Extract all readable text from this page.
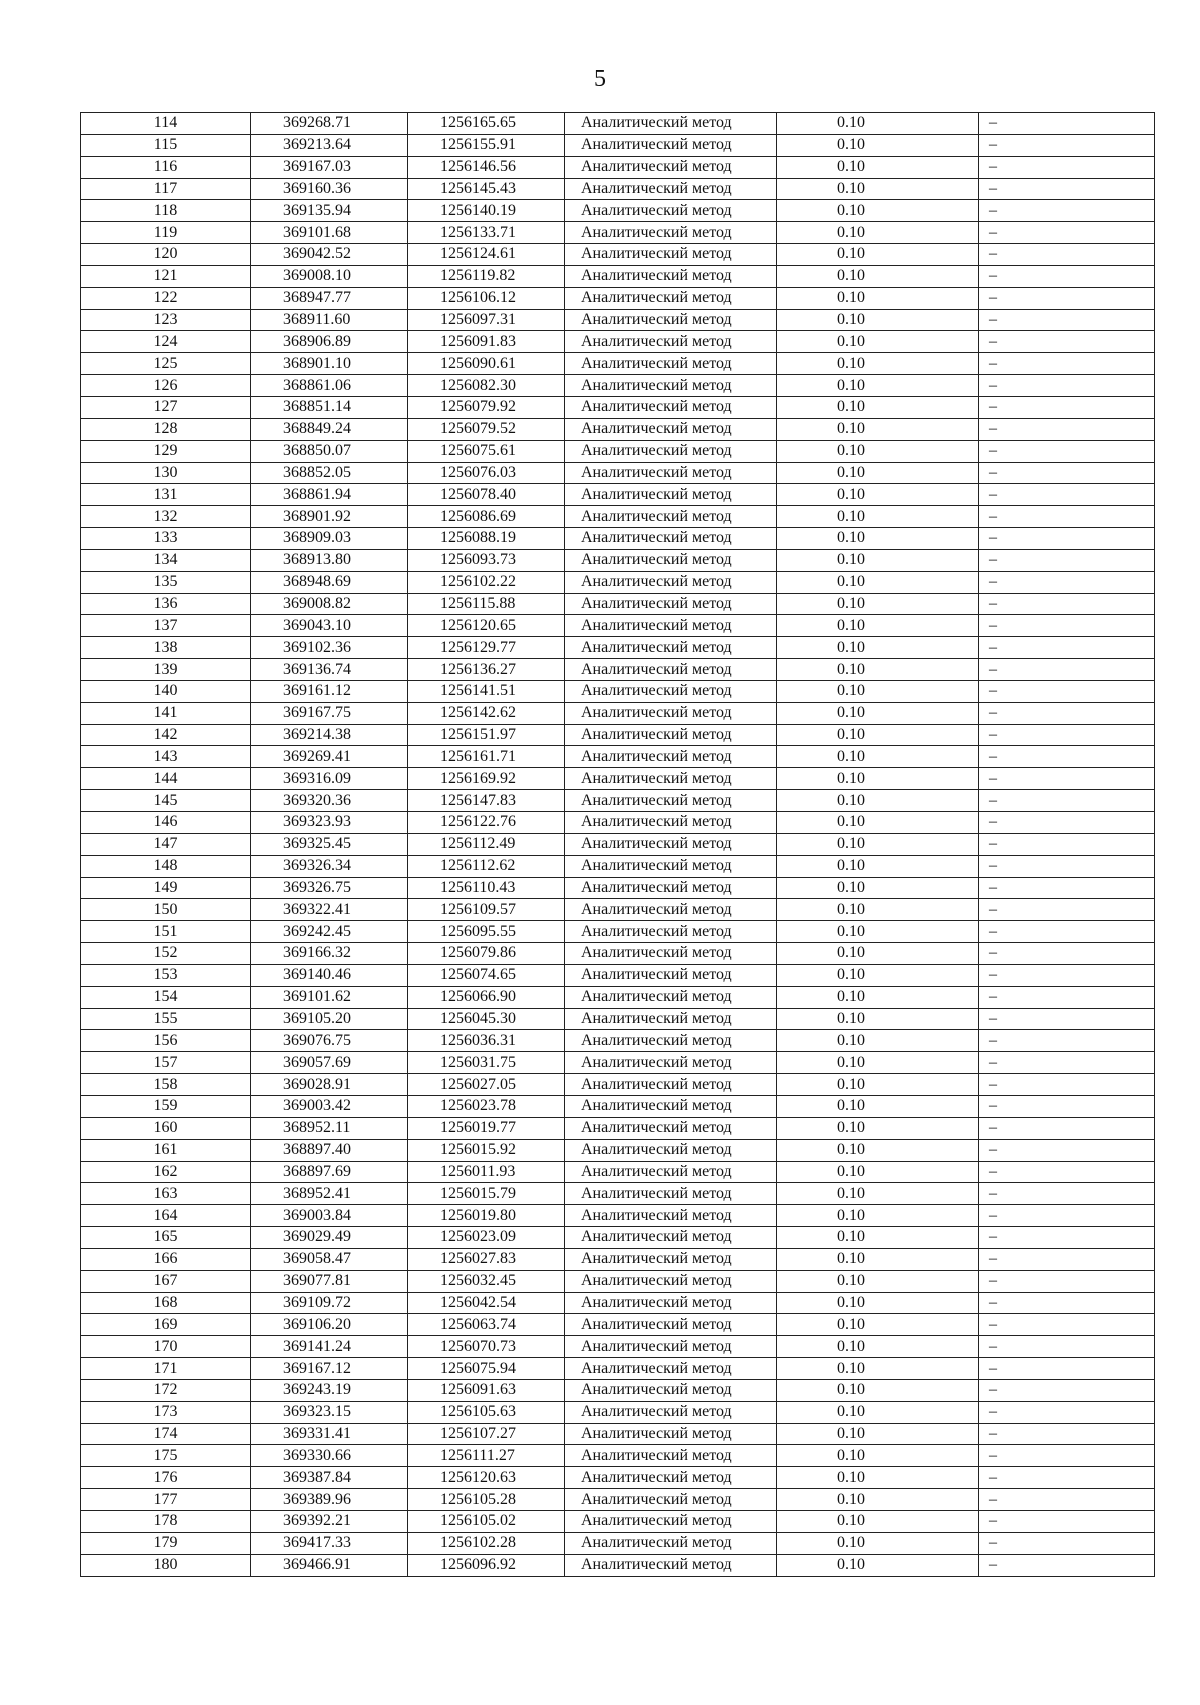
5
114	369268.71	1256165.65	Аналитический метод	0.10	–
115	369213.64	1256155.91	Аналитический метод	0.10	–
116	369167.03	1256146.56	Аналитический метод	0.10	–
117	369160.36	1256145.43	Аналитический метод	0.10	–
118	369135.94	1256140.19	Аналитический метод	0.10	–
119	369101.68	1256133.71	Аналитический метод	0.10	–
120	369042.52	1256124.61	Аналитический метод	0.10	–
121	369008.10	1256119.82	Аналитический метод	0.10	–
122	368947.77	1256106.12	Аналитический метод	0.10	–
123	368911.60	1256097.31	Аналитический метод	0.10	–
124	368906.89	1256091.83	Аналитический метод	0.10	–
125	368901.10	1256090.61	Аналитический метод	0.10	–
126	368861.06	1256082.30	Аналитический метод	0.10	–
127	368851.14	1256079.92	Аналитический метод	0.10	–
128	368849.24	1256079.52	Аналитический метод	0.10	–
129	368850.07	1256075.61	Аналитический метод	0.10	–
130	368852.05	1256076.03	Аналитический метод	0.10	–
131	368861.94	1256078.40	Аналитический метод	0.10	–
132	368901.92	1256086.69	Аналитический метод	0.10	–
133	368909.03	1256088.19	Аналитический метод	0.10	–
134	368913.80	1256093.73	Аналитический метод	0.10	–
135	368948.69	1256102.22	Аналитический метод	0.10	–
136	369008.82	1256115.88	Аналитический метод	0.10	–
137	369043.10	1256120.65	Аналитический метод	0.10	–
138	369102.36	1256129.77	Аналитический метод	0.10	–
139	369136.74	1256136.27	Аналитический метод	0.10	–
140	369161.12	1256141.51	Аналитический метод	0.10	–
141	369167.75	1256142.62	Аналитический метод	0.10	–
142	369214.38	1256151.97	Аналитический метод	0.10	–
143	369269.41	1256161.71	Аналитический метод	0.10	–
144	369316.09	1256169.92	Аналитический метод	0.10	–
145	369320.36	1256147.83	Аналитический метод	0.10	–
146	369323.93	1256122.76	Аналитический метод	0.10	–
147	369325.45	1256112.49	Аналитический метод	0.10	–
148	369326.34	1256112.62	Аналитический метод	0.10	–
149	369326.75	1256110.43	Аналитический метод	0.10	–
150	369322.41	1256109.57	Аналитический метод	0.10	–
151	369242.45	1256095.55	Аналитический метод	0.10	–
152	369166.32	1256079.86	Аналитический метод	0.10	–
153	369140.46	1256074.65	Аналитический метод	0.10	–
154	369101.62	1256066.90	Аналитический метод	0.10	–
155	369105.20	1256045.30	Аналитический метод	0.10	–
156	369076.75	1256036.31	Аналитический метод	0.10	–
157	369057.69	1256031.75	Аналитический метод	0.10	–
158	369028.91	1256027.05	Аналитический метод	0.10	–
159	369003.42	1256023.78	Аналитический метод	0.10	–
160	368952.11	1256019.77	Аналитический метод	0.10	–
161	368897.40	1256015.92	Аналитический метод	0.10	–
162	368897.69	1256011.93	Аналитический метод	0.10	–
163	368952.41	1256015.79	Аналитический метод	0.10	–
164	369003.84	1256019.80	Аналитический метод	0.10	–
165	369029.49	1256023.09	Аналитический метод	0.10	–
166	369058.47	1256027.83	Аналитический метод	0.10	–
167	369077.81	1256032.45	Аналитический метод	0.10	–
168	369109.72	1256042.54	Аналитический метод	0.10	–
169	369106.20	1256063.74	Аналитический метод	0.10	–
170	369141.24	1256070.73	Аналитический метод	0.10	–
171	369167.12	1256075.94	Аналитический метод	0.10	–
172	369243.19	1256091.63	Аналитический метод	0.10	–
173	369323.15	1256105.63	Аналитический метод	0.10	–
174	369331.41	1256107.27	Аналитический метод	0.10	–
175	369330.66	1256111.27	Аналитический метод	0.10	–
176	369387.84	1256120.63	Аналитический метод	0.10	–
177	369389.96	1256105.28	Аналитический метод	0.10	–
178	369392.21	1256105.02	Аналитический метод	0.10	–
179	369417.33	1256102.28	Аналитический метод	0.10	–
180	369466.91	1256096.92	Аналитический метод	0.10	–
